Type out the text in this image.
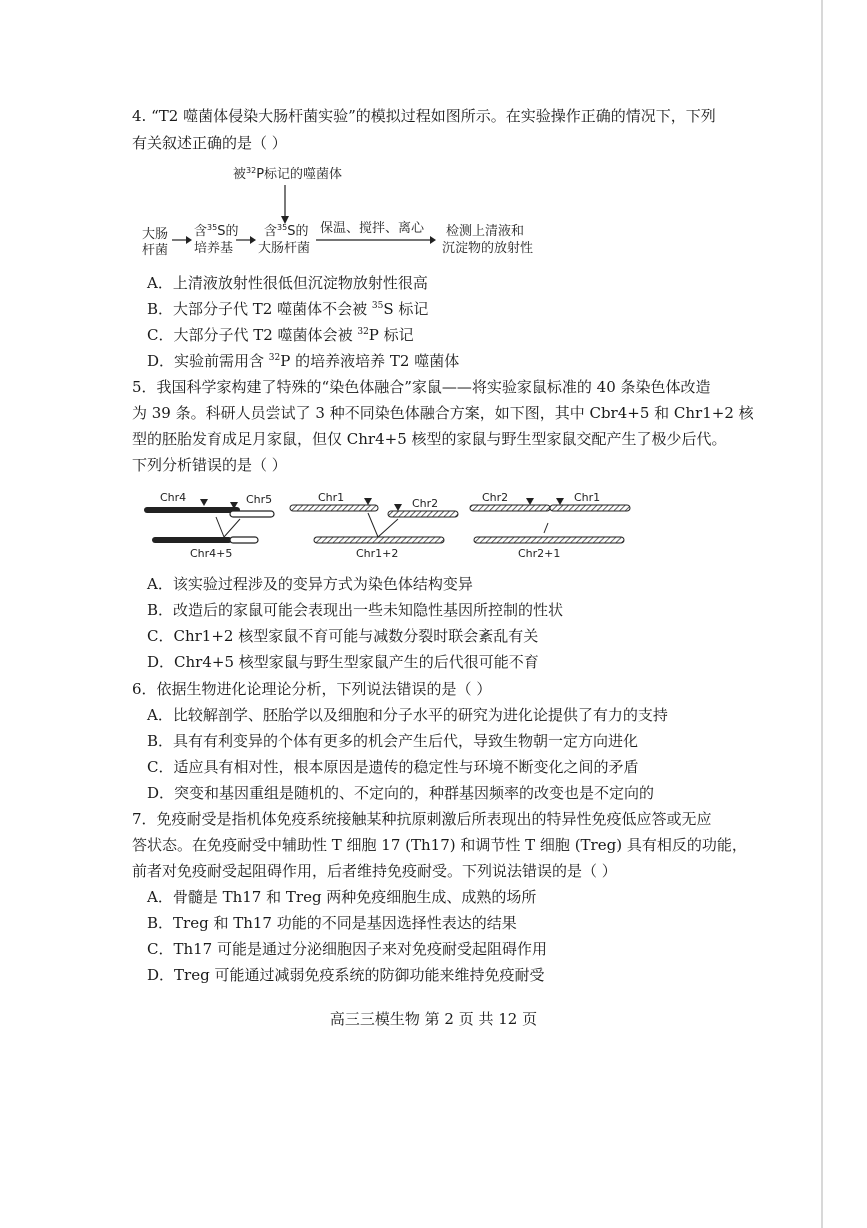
4. “T2 噬菌体侵染大肠杆菌实验”的模拟过程如图所示。在实验操作正确的情况下，下列
有关叙述正确的是（ ）
被$^{32}$P标记的噬菌体
大肠
杆菌
含$^{35}$S的
培养基
含$^{35}$S的
大肠杆菌
保温、搅拌、离心 检测上清液和
沉淀物的放射性
A．上清液放射性很低但沉淀物放射性很高
B．大部分子代 T2 噬菌体不会被 $^{35}$S 标记
C．大部分子代 T2 噬菌体会被 $^{32}$P 标记
D．实验前需用含 $^{32}$P 的培养液培养 T2 噬菌体
5．我国科学家构建了特殊的“染色体融合”家鼠——将实验家鼠标准的 40 条染色体改造
为 39 条。科研人员尝试了 3 种不同染色体融合方案，如下图，其中 Cbr4+5 和 Chr1+2 核
型的胚胎发育成足月家鼠，但仅 Chr4+5 核型的家鼠与野生型家鼠交配产生了极少后代。
下列分析错误的是（ ）
Chr4	Chr5
Chr4+5
Chr1	Chr2
Chr1+2
Chr2	Chr1
Chr2+1
A．该实验过程涉及的变异方式为染色体结构变异
B．改造后的家鼠可能会表现出一些未知隐性基因所控制的性状
C．Chr1+2 核型家鼠不育可能与减数分裂时联会紊乱有关
D．Chr4+5 核型家鼠与野生型家鼠产生的后代很可能不育
6．依据生物进化论理论分析，下列说法错误的是（ ）
A．比较解剖学、胚胎学以及细胞和分子水平的研究为进化论提供了有力的支持
B．具有有利变异的个体有更多的机会产生后代，导致生物朝一定方向进化
C．适应具有相对性，根本原因是遗传的稳定性与环境不断变化之间的矛盾
D．突变和基因重组是随机的、不定向的，种群基因频率的改变也是不定向的
7．免疫耐受是指机体免疫系统接触某种抗原刺激后所表现出的特异性免疫低应答或无应
答状态。在免疫耐受中辅助性 T 细胞 17 (Th17) 和调节性 T 细胞 (Treg) 具有相反的功能，
前者对免疫耐受起阻碍作用，后者维持免疫耐受。下列说法错误的是（ ）
A．骨髓是 Th17 和 Treg 两种免疫细胞生成、成熟的场所
B．Treg 和 Th17 功能的不同是基因选择性表达的结果
C．Th17 可能是通过分泌细胞因子来对免疫耐受起阻碍作用
D．Treg 可能通过减弱免疫系统的防御功能来维持免疫耐受
高三三模生物 第 2 页 共 12 页
